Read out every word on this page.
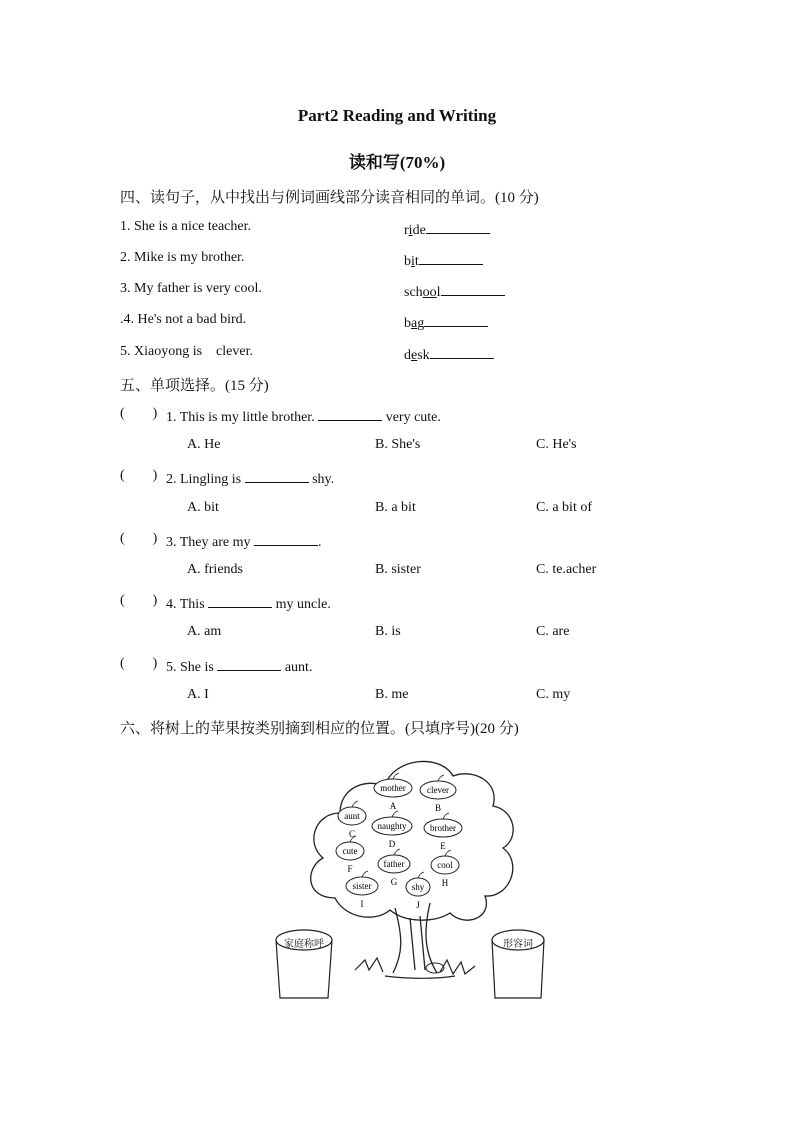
Part2 Reading and Writing
读和写(70%)
四、读句子，从中找出与例词画线部分读音相同的单词。(10 分)
1. She is a nice teacher.	ride
2. Mike is my brother.	bit
3. My father is very cool.	school
.4. He's not a bad bird.	bag
5. Xiaoyong is    clever.	desk
五、单项选择。(15 分)
(        ) 1. This is my little brother.	very cute.
A. He	B. She's	C. He's
(        ) 2. Lingling is	shy.
A. bit	B. a bit	C. a bit of
(        ) 3. They are my	.
A. friends	B. sister	C. te.acher
(        ) 4. This	my uncle.
A. am	B. is	C. are
(        ) 5. She is	aunt.
A. I	B. me	C. my
六、将树上的苹果按类别摘到相应的位置。(只填序号)(20 分)
mother
A
clever
B
aunt
C
naughty
D
brother
E
cute
F	father
G
cool
H
sister
I
shy
J
家庭称呼	形容词
